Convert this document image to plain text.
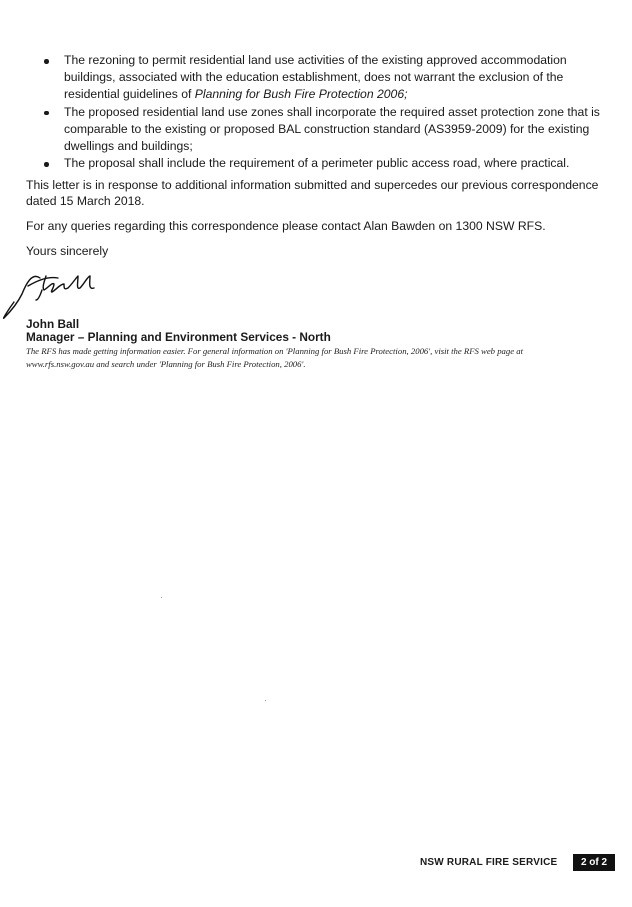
The rezoning to permit residential land use activities of the existing approved accommodation buildings, associated with the education establishment, does not warrant the exclusion of the residential guidelines of Planning for Bush Fire Protection 2006;
The proposed residential land use zones shall incorporate the required asset protection zone that is comparable to the existing or proposed BAL construction standard (AS3959-2009) for the existing dwellings and buildings;
The proposal shall include the requirement of a perimeter public access road, where practical.

This letter is in response to additional information submitted and supercedes our previous correspondence dated 15 March 2018.

For any queries regarding this correspondence please contact Alan Bawden on 1300 NSW RFS.

Yours sincerely

John Ball

Manager – Planning and Environment Services - North

The RFS has made getting information easier. For general information on 'Planning for Bush Fire Protection, 2006', visit the RFS web page at www.rfs.nsw.gov.au and search under 'Planning for Bush Fire Protection, 2006'.

NSW RURAL FIRE SERVICE	2 of 2
